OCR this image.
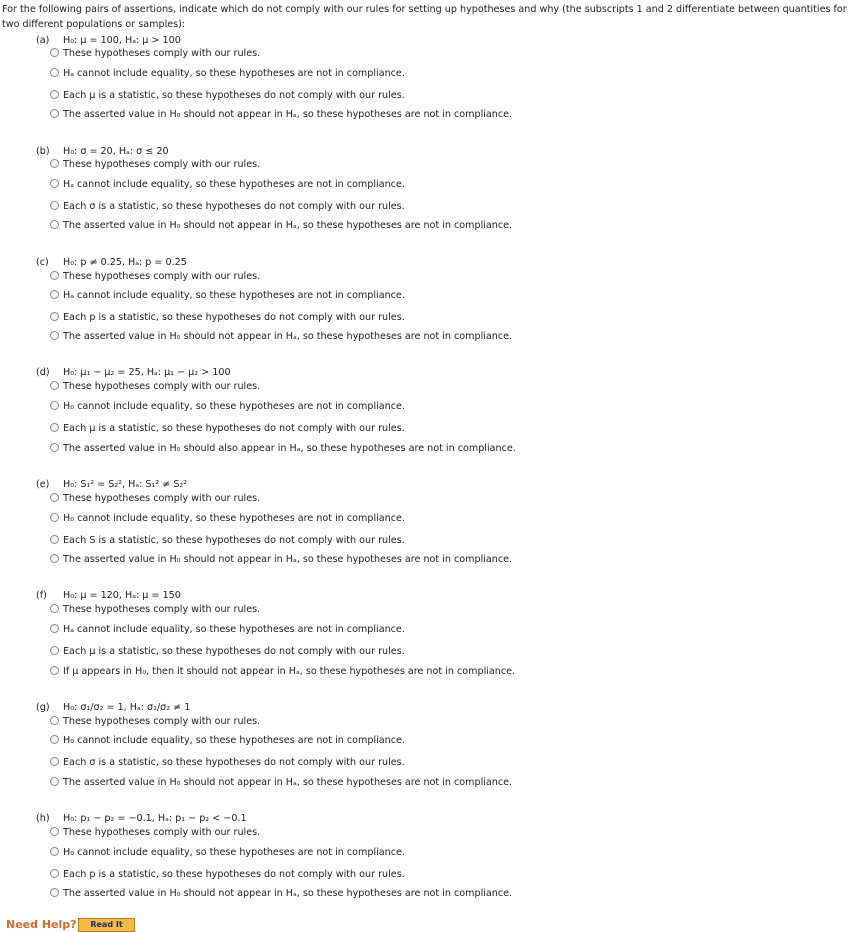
For the following pairs of assertions, indicate which do not comply with our rules for setting up hypotheses and why (the subscripts 1 and 2 differentiate between quantities for two different populations or samples):
(a) H₀: μ = 100, Hₐ: μ > 100
These hypotheses comply with our rules.
Hₐ cannot include equality, so these hypotheses are not in compliance.
Each μ is a statistic, so these hypotheses do not comply with our rules.
The asserted value in H₀ should not appear in Hₐ, so these hypotheses are not in compliance.
(b) H₀: σ = 20, Hₐ: σ ≤ 20
These hypotheses comply with our rules.
Hₐ cannot include equality, so these hypotheses are not in compliance.
Each σ is a statistic, so these hypotheses do not comply with our rules.
The asserted value in H₀ should not appear in Hₐ, so these hypotheses are not in compliance.
(c) H₀: p ≠ 0.25, Hₐ: p = 0.25
These hypotheses comply with our rules.
Hₐ cannot include equality, so these hypotheses are not in compliance.
Each p is a statistic, so these hypotheses do not comply with our rules.
The asserted value in H₀ should not appear in Hₐ, so these hypotheses are not in compliance.
(d) H₀: μ₁ − μ₂ = 25, Hₐ: μ₁ − μ₂ > 100
These hypotheses comply with our rules.
H₀ cannot include equality, so these hypotheses are not in compliance.
Each μ is a statistic, so these hypotheses do not comply with our rules.
The asserted value in H₀ should also appear in Hₐ, so these hypotheses are not in compliance.
(e) H₀: S₁² = S₂², Hₐ: S₁² ≠ S₂²
These hypotheses comply with our rules.
H₀ cannot include equality, so these hypotheses are not in compliance.
Each S is a statistic, so these hypotheses do not comply with our rules.
The asserted value in H₀ should not appear in Hₐ, so these hypotheses are not in compliance.
(f) H₀: μ = 120, Hₐ: μ = 150
These hypotheses comply with our rules.
Hₐ cannot include equality, so these hypotheses are not in compliance.
Each μ is a statistic, so these hypotheses do not comply with our rules.
If μ appears in H₀, then it should not appear in Hₐ, so these hypotheses are not in compliance.
(g) H₀: σ₁/σ₂ = 1, Hₐ: σ₁/σ₂ ≠ 1
These hypotheses comply with our rules.
H₀ cannot include equality, so these hypotheses are not in compliance.
Each σ is a statistic, so these hypotheses do not comply with our rules.
The asserted value in H₀ should not appear in Hₐ, so these hypotheses are not in compliance.
(h) H₀: p₁ − p₂ = −0.1, Hₐ: p₁ − p₂ < −0.1
These hypotheses comply with our rules.
H₀ cannot include equality, so these hypotheses are not in compliance.
Each p is a statistic, so these hypotheses do not comply with our rules.
The asserted value in H₀ should not appear in Hₐ, so these hypotheses are not in compliance.
Need Help?	Read It
